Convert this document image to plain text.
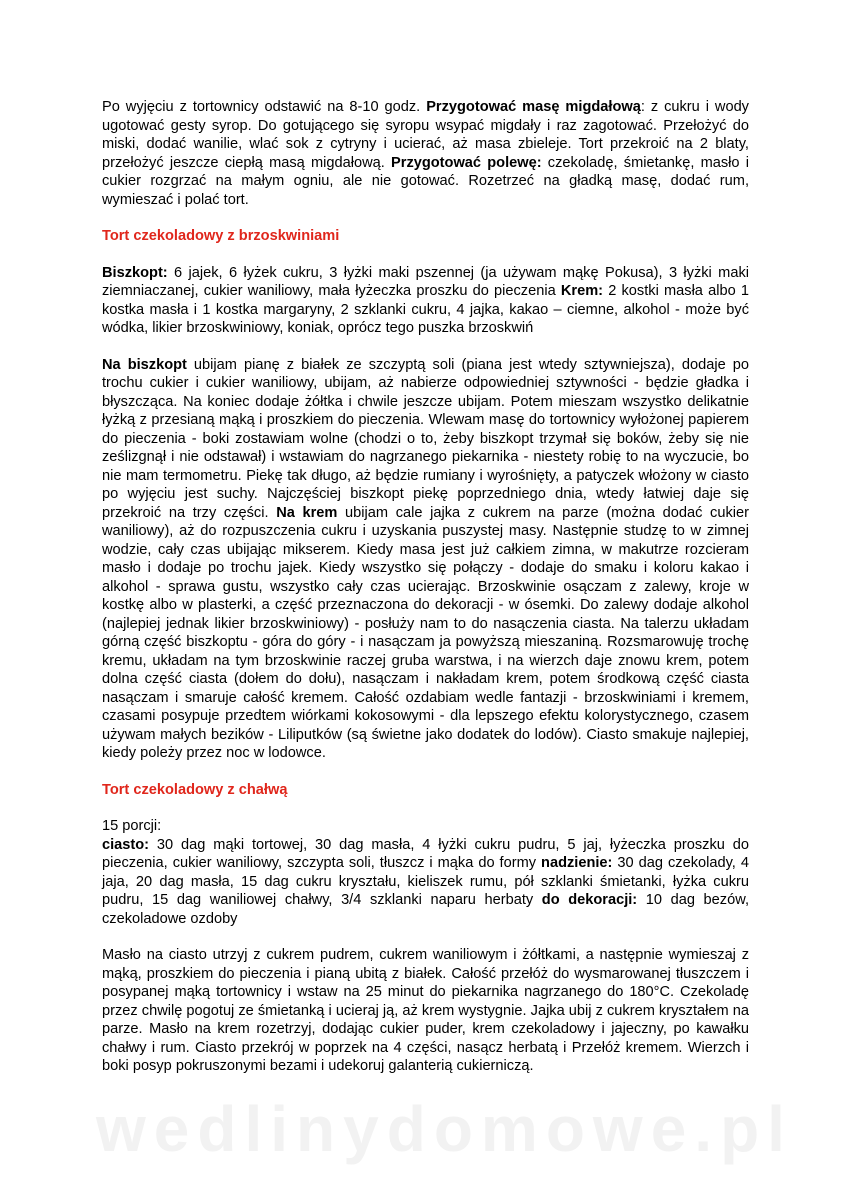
Po wyjęciu z tortownicy odstawić na 8-10 godz. Przygotować masę migdałową: z cukru i wody ugotować gesty syrop. Do gotującego się syropu wsypać migdały i raz zagotować. Przełożyć do miski, dodać wanilie, wlać sok z cytryny i ucierać, aż masa zbieleje. Tort przekroić na 2 blaty, przełożyć jeszcze ciepłą masą migdałową. Przygotować polewę: czekoladę, śmietankę, masło i cukier rozgrzać na małym ogniu, ale nie gotować. Rozetrzeć na gładką masę, dodać rum, wymieszać i polać tort.

Tort czekoladowy z brzoskwiniami

Biszkopt: 6 jajek, 6 łyżek cukru, 3 łyżki maki pszennej (ja używam mąkę Pokusa), 3 łyżki maki ziemniaczanej, cukier waniliowy, mała łyżeczka proszku do pieczenia Krem: 2 kostki masła albo 1 kostka masła i 1 kostka margaryny, 2 szklanki cukru, 4 jajka, kakao – ciemne, alkohol - może być wódka, likier brzoskwiniowy, koniak, oprócz tego puszka brzoskwiń

Na biszkopt ubijam pianę z białek ze szczyptą soli (piana jest wtedy sztywniejsza), dodaje po trochu cukier i cukier waniliowy, ubijam, aż nabierze odpowiedniej sztywności - będzie gładka i błyszcząca. Na koniec dodaje żółtka i chwile jeszcze ubijam. Potem mieszam wszystko delikatnie łyżką z przesianą mąką i proszkiem do pieczenia. Wlewam masę do tortownicy wyłożonej papierem do pieczenia - boki zostawiam wolne (chodzi o to, żeby biszkopt trzymał się boków, żeby się nie ześlizgnął i nie odstawał) i wstawiam do nagrzanego piekarnika - niestety robię to na wyczucie, bo nie mam termometru. Piekę tak długo, aż będzie rumiany i wyrośnięty, a patyczek włożony w ciasto po wyjęciu jest suchy. Najczęściej biszkopt piekę poprzedniego dnia, wtedy łatwiej daje się przekroić na trzy części. Na krem ubijam cale jajka z cukrem na parze (można dodać cukier waniliowy), aż do rozpuszczenia cukru i uzyskania puszystej masy. Następnie studzę to w zimnej wodzie, cały czas ubijając mikserem. Kiedy masa jest już całkiem zimna, w makutrze rozcieram masło i dodaje po trochu jajek. Kiedy wszystko się połączy - dodaje do smaku i koloru kakao i alkohol - sprawa gustu, wszystko cały czas ucierając. Brzoskwinie osączam z zalewy, kroje w kostkę albo w plasterki, a część przeznaczona do dekoracji - w ósemki. Do zalewy dodaje alkohol (najlepiej jednak likier brzoskwiniowy) - posłuży nam to do nasączenia ciasta. Na talerzu układam górną część biszkoptu - góra do góry - i nasączam ja powyższą mieszaniną. Rozsmarowuję trochę kremu, układam na tym brzoskwinie raczej gruba warstwa, i na wierzch daje znowu krem, potem dolna część ciasta (dołem do dołu), nasączam i nakładam krem, potem środkową część ciasta nasączam i smaruje całość kremem. Całość ozdabiam wedle fantazji - brzoskwiniami i kremem, czasami posypuje przedtem wiórkami kokosowymi - dla lepszego efektu kolorystycznego, czasem używam małych bezików - Liliputków (są świetne jako dodatek do lodów). Ciasto smakuje najlepiej, kiedy poleży przez noc w lodowce.

Tort czekoladowy z chałwą

15 porcji:

ciasto: 30 dag mąki tortowej, 30 dag masła, 4 łyżki cukru pudru, 5 jaj, łyżeczka proszku do pieczenia, cukier waniliowy, szczypta soli, tłuszcz i mąka do formy nadzienie: 30 dag czekolady, 4 jaja, 20 dag masła, 15 dag cukru kryształu, kieliszek rumu, pół szklanki śmietanki, łyżka cukru pudru, 15 dag waniliowej chałwy, 3/4 szklanki naparu herbaty do dekoracji: 10 dag bezów, czekoladowe ozdoby

Masło na ciasto utrzyj z cukrem pudrem, cukrem waniliowym i żółtkami, a następnie wymieszaj z mąką, proszkiem do pieczenia i pianą ubitą z białek. Całość przełóż do wysmarowanej tłuszczem i posypanej mąką tortownicy i wstaw na 25 minut do piekarnika nagrzanego do 180°C. Czekoladę przez chwilę pogotuj ze śmietanką i ucieraj ją, aż krem wystygnie. Jajka ubij z cukrem kryształem na parze. Masło na krem rozetrzyj, dodając cukier puder, krem czekoladowy i jajeczny, po kawałku chałwy i rum. Ciasto przekrój w poprzek na 4 części, nasącz herbatą i Przełóż kremem. Wierzch i boki posyp pokruszonymi bezami i udekoruj galanterią cukierniczą.

wedlinydomowe.pl
